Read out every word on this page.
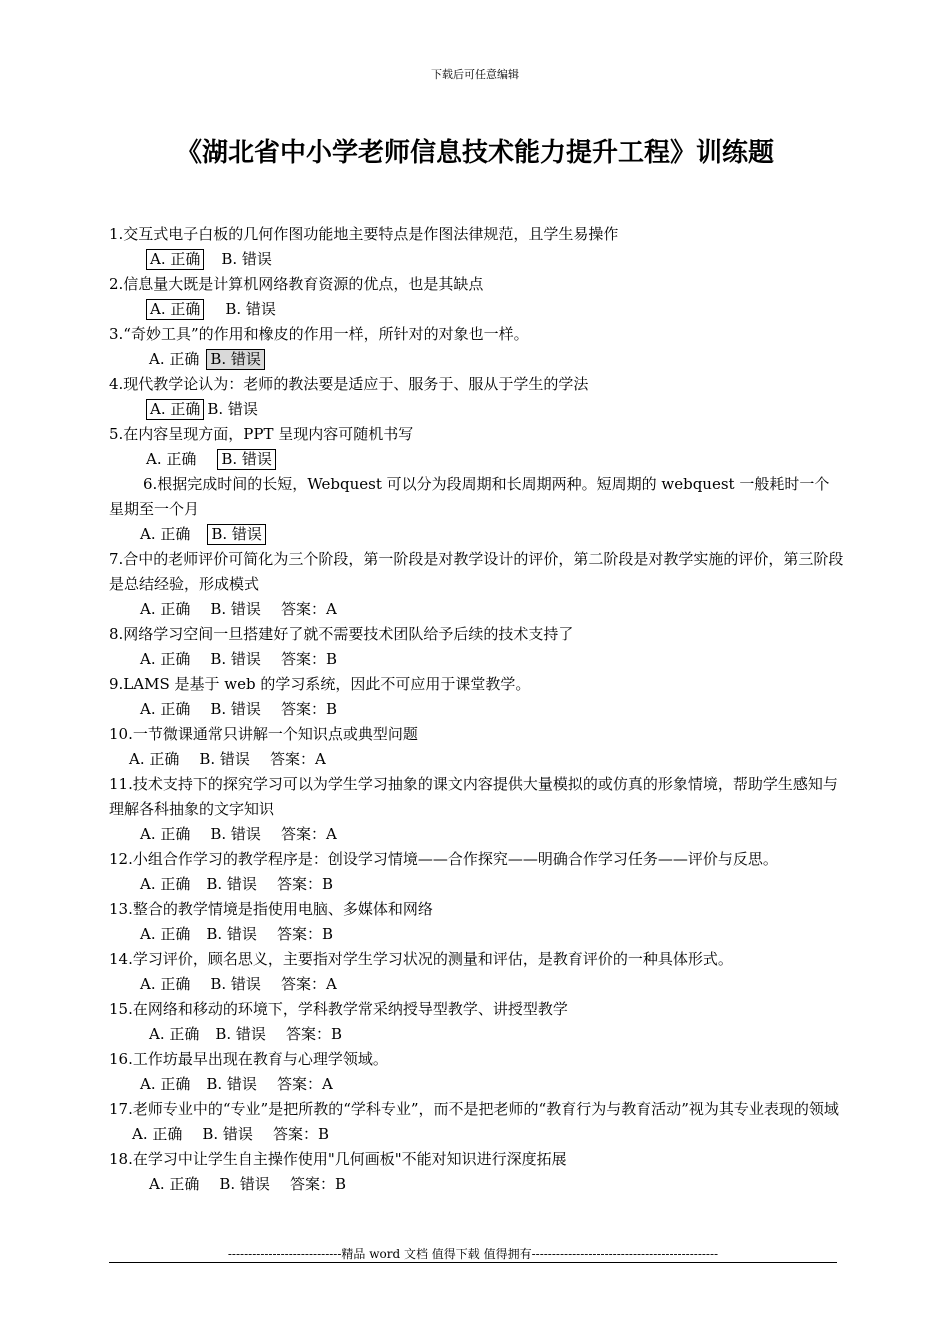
下载后可任意编辑
《湖北省中小学老师信息技术能力提升工程》训练题
1.交互式电子白板的几何作图功能地主要特点是作图法律规范，且学生易操作
A. 正确 B. 错误
2.信息量大既是计算机网络教育资源的优点，也是其缺点
A. 正确 B. 错误
3.“奇妙工具”的作用和橡皮的作用一样，所针对的对象也一样。
A. 正确 B. 错误
4.现代教学论认为：老师的教法要是适应于、服务于、服从于学生的学法
A. 正确 B. 错误
5.在内容呈现方面，PPT 呈现内容可随机书写
A. 正确 B. 错误
6.根据完成时间的长短，Webquest 可以分为段周期和长周期两种。短周期的 webquest 一般耗时一个星期至一个月
A. 正确 B. 错误
7.合中的老师评价可简化为三个阶段，第一阶段是对教学设计的评价，第二阶段是对教学实施的评价，第三阶段是总结经验，形成模式
A. 正确 B. 错误 答案：A
8.网络学习空间一旦搭建好了就不需要技术团队给予后续的技术支持了
A. 正确 B. 错误 答案：B
9.LAMS 是基于 web 的学习系统，因此不可应用于课堂教学。
A. 正确 B. 错误 答案：B
10.一节微课通常只讲解一个知识点或典型问题
A. 正确 B. 错误 答案：A
11.技术支持下的探究学习可以为学生学习抽象的课文内容提供大量模拟的或仿真的形象情境，帮助学生感知与理解各科抽象的文字知识
A. 正确 B. 错误 答案：A
12.小组合作学习的教学程序是：创设学习情境——合作探究——明确合作学习任务——评价与反思。
A. 正确 B. 错误 答案：B
13.整合的教学情境是指使用电脑、多媒体和网络
A. 正确 B. 错误 答案：B
14.学习评价，顾名思义，主要指对学生学习状况的测量和评估，是教育评价的一种具体形式。
A. 正确 B. 错误 答案：A
15.在网络和移动的环境下，学科教学常采纳授导型教学、讲授型教学
A. 正确 B. 错误 答案：B
16.工作坊最早出现在教育与心理学领域。
A. 正确 B. 错误 答案：A
17.老师专业中的“专业”是把所教的“学科专业”，而不是把老师的“教育行为与教育活动”视为其专业表现的领域
A. 正确 B. 错误 答案：B
18.在学习中让学生自主操作使用"几何画板"不能对知识进行深度拓展
A. 正确 B. 错误 答案：B
----------------------------精品 word 文档 值得下载 值得拥有----------------------------------------------
